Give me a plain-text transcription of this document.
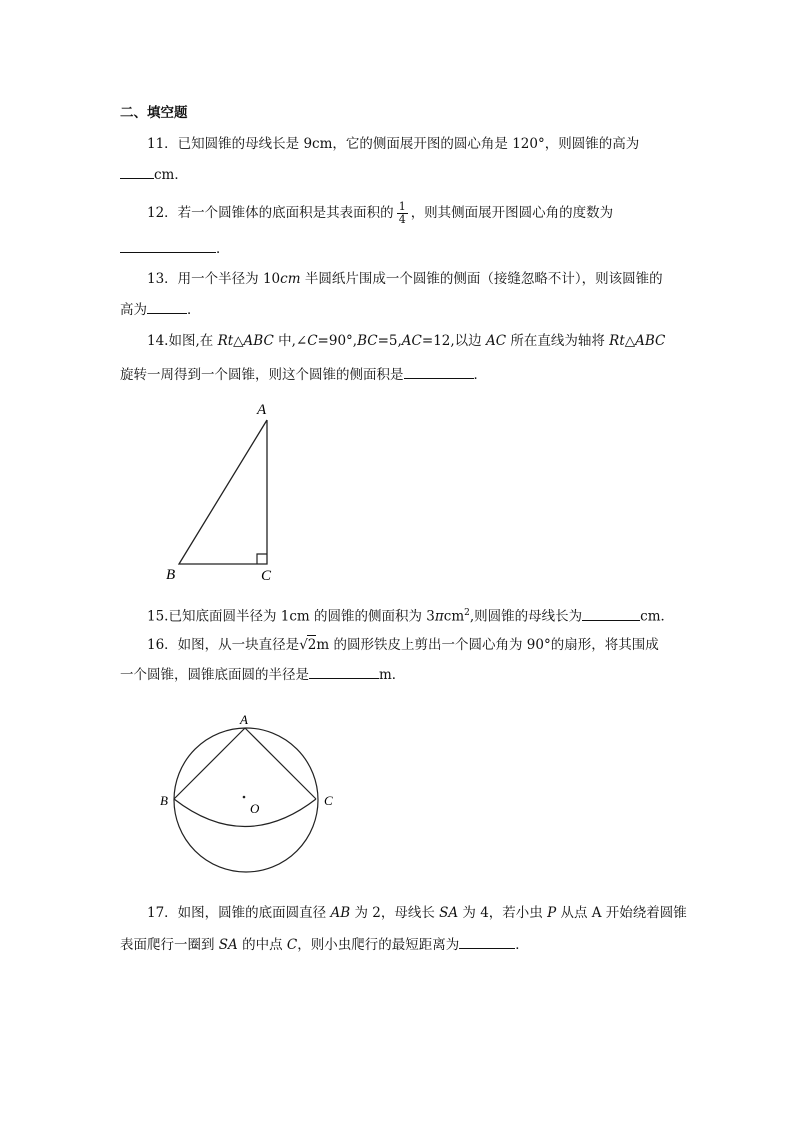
二、填空题
11．已知圆锥的母线长是 9cm，它的侧面展开图的圆心角是 120°，则圆锥的高为
cm．
12．若一个圆锥体的底面积是其表面积的 $\frac{1}{4}$ ，则其侧面展开图圆心角的度数为
．
13．用一个半径为 10cm 半圆纸片围成一个圆锥的侧面（接缝忽略不计），则该圆锥的
高为	．
14.如图,在 Rt△ABC 中,∠C=90°,BC=5,AC=12,以边 AC 所在直线为轴将 Rt△ABC
旋转一周得到一个圆锥，则这个圆锥的侧面积是	．
A
B	C
15.已知底面圆半径为 1cm 的圆锥的侧面积为 3πcm$^2$,则圆锥的母线长为	cm．
16．如图，从一块直径是√2m 的圆形铁皮上剪出一个圆心角为 90°的扇形，将其围成
一个圆锥，圆锥底面圆的半径是	m．
A
B	C
O
17．如图，圆锥的底面圆直径 AB 为 2，母线长 SA 为 4，若小虫 P 从点 A 开始绕着圆锥
表面爬行一圈到 SA 的中点 C，则小虫爬行的最短距离为	．
